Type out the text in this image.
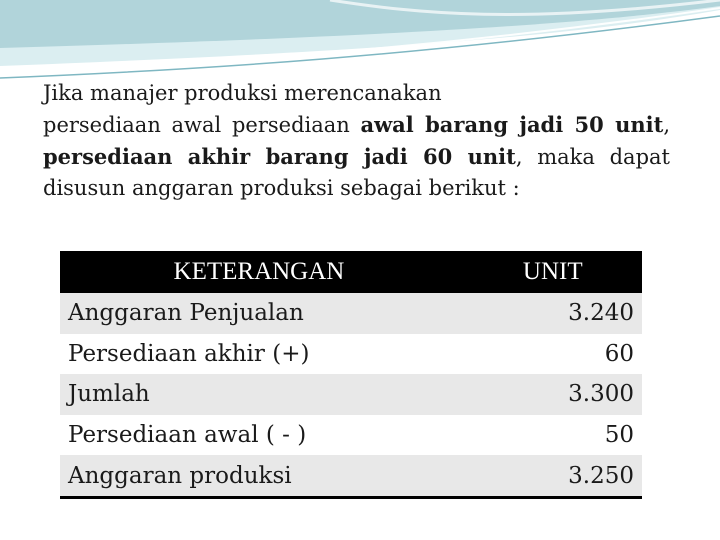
Jika manajer produksi merencanakan
persediaan awal persediaan awal barang jadi 50 unit,
persediaan akhir barang jadi 60 unit, maka dapat
disusun anggaran produksi sebagai berikut :

KETERANGAN	UNIT
Anggaran Penjualan	3.240
Persediaan akhir (+)	60
Jumlah	3.300
Persediaan awal ( - )	50
Anggaran produksi	3.250
